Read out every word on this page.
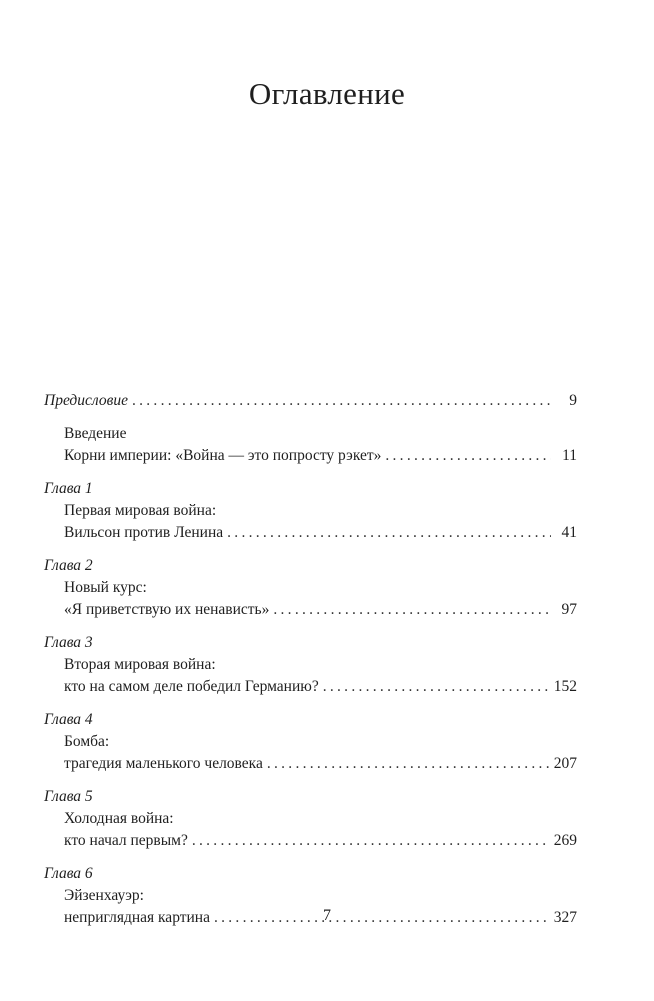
Оглавление
Предисловие . . .	9
Введение
Корни империи: «Война — это попросту рэкет» . . .	11
Глава 1
Первая мировая война:
Вильсон против Ленина . . .	41
Глава 2
Новый курс:
«Я приветствую их ненависть» . . .	97
Глава 3
Вторая мировая война:
кто на самом деле победил Германию? . . .	152
Глава 4
Бомба:
трагедия маленького человека . . .	207
Глава 5
Холодная война:
кто начал первым? . . .	269
Глава 6
Эйзенхауэр:
неприглядная картина . . .	327
7
